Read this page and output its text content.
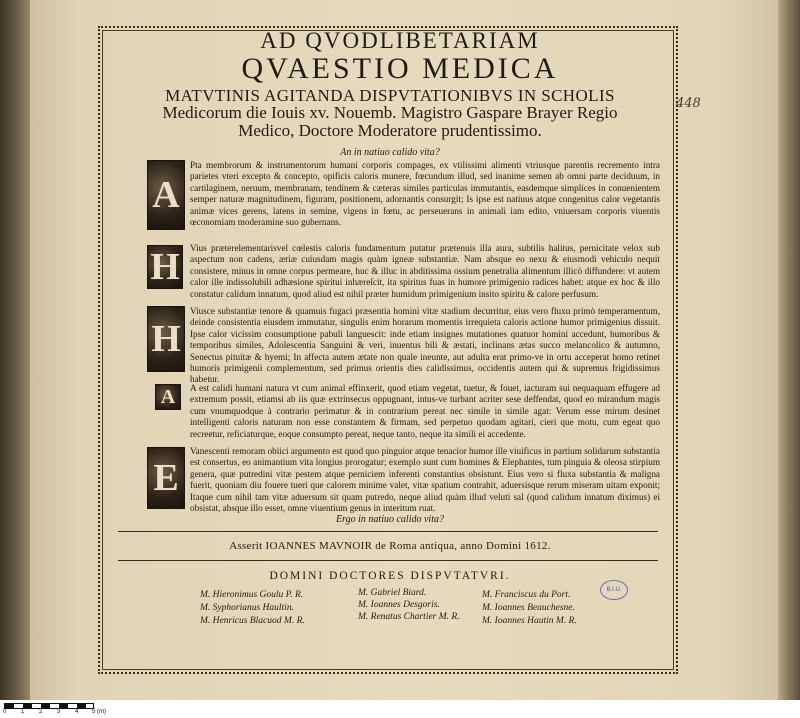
AD QVODLIBETARIAM
QVAESTIO MEDICA
MATVTINIS AGITANDA DISPVTATIONIBVS IN SCHOLIS
Medicorum die Iouis xv. Nouemb. Magistro Gaspare Brayer Regio
Medico, Doctore Moderatore prudentissimo.
448
An in natiuo calido vita?
A
Pta membrorum & instrumentorum humani corporis compages, ex vtilissimi alimenti vtriusque parentis recremento intra parietes vteri excepto & concepto, opificis caloris munere, fœcundum illud, sed inanime semen ab omni parte deciduum, in cartilaginem, neruum, membranam, tendinem & cæteras similes particulas immutantis, easdemque simplices in conuenientem semper naturæ magnitudinem, figuram, positionem, adornantis consurgit; Is ipse est natiuus atque congenitus calor vegetantis animæ vices gerens, latens in semine, vigens in fœtu, ac perseuerans in animali iam edito, vniuersam corporis viuentis œconomiam moderamine suo gubernans.
H Vius præterelementarisvel cœlestis caloris fundamentum putatur prætenuis illa aura, subtilis halitus, pernicitate velox sub aspectum non cadens, æriæ cuiusdam magis quàm igneæ substantiæ. Nam absque eo nexu & eiusmodi vehiculo nequit consistere, minus in omne corpus permeare, huc & illuc in abditissima ossium penetralia alimentum illicò diffundere: vt autem calor ille indissolubili adhæsione spiritui inhæreſcit, ita spiritus fuas in humore primigenio radices habet: atque ex hoc & illo constatur calidum innatum, quod aliud est nihil præter humidum primigenium insito spiritu & calore perfusum.
H
Viusce substantiæ tenore & quamuis fugaci præsentia homini vitæ stadium decurritur, eius vero fluxu primò temperamentum, deinde consistentia eiusdem immutatur, singulis enim horarum momentis irrequieta caloris actione humor primigenius dissuit. Ipse calor vicissim consumptione pabuli languescit: inde etiam insignes mutationes quatuor homini accedunt, humoribus & temporibus similes, Adolescentia Sanguini & veri, inuentus bili & æstati, inclinans ætas succo melancolico & autumno, Senectus pituitæ & hyemi; In affecta autem ætate non quale ineunte, aut adulta erat primo-ve in ortu acceperat homo retinet humoris primigenii complementum, sed primus orientis dies calidissimus, occidentis autem qui & supremus frigidissimus habetur.
A A est calidi humani natura vt cum animal effinxerit, quod etiam vegetat, tuetur, & fouet, iacturam sui nequaquam effugere ad extremum possit, etiamsi ab iis quæ extrinsecus oppugnant, intus-ve turbant acriter sese deffendat, quod eo mirandum magis cum vnumquodque à contrario perimatur & in contrarium pereat nec simile in simile agat: Verum esse mirum desinet intelligenti caloris naturam non esse constantem & firmam, sed perpetuo quodam agitari, cieri que motu, cum egeat quo recreetur, reficiaturque, eoque consumpto pereat, neque tanto, neque ita simili ei accedente.
E
Vanescenti remoram obiici argumento est quod quo pinguior atque tenacior humor ille viuificus in partium solidarum substantia est consertus, eo animantium vita longius prorogatur; exemplo sunt cum homines & Elephantes, tum pinguia & oleosa stirpium genera, quæ putredini vitæ pestem atque perniciem inferenti constantius obsistunt. Eius vero si fluxa substantia & maligna fuerit, quoniam diu fouere tueri que calorem minime valet, vitæ spatium contrahit, aduersisque rerum miseram uitam exponit; Itaque cum nihil tam vitæ aduersum sit quam putredo, neque aliud quàm illud veluti sal (quod calidum innatum diximus) ei obsistat, absque illo esset, omne viuentium genus in interitum ruat.
Ergo in natiuo calido vita?
Asserit IOANNES MAVNOIR de Roma antiqua, anno Domini 1612.
DOMINI DOCTORES DISPVTATVRI.
M. Hieronimus Goulu P. R.
M. Syphorianus Haultin.
M. Henricus Blacuod M. R.
M. Gabriel Biard.
M. Ioannes Desgoris.
M. Renatus Chartier M. R.
M. Franciscus du Port.
M. Ioannes Beauchesne.
M. Ioannes Hautin M. R.
B.I.U.
0 1 2 3 4 5 (m)
